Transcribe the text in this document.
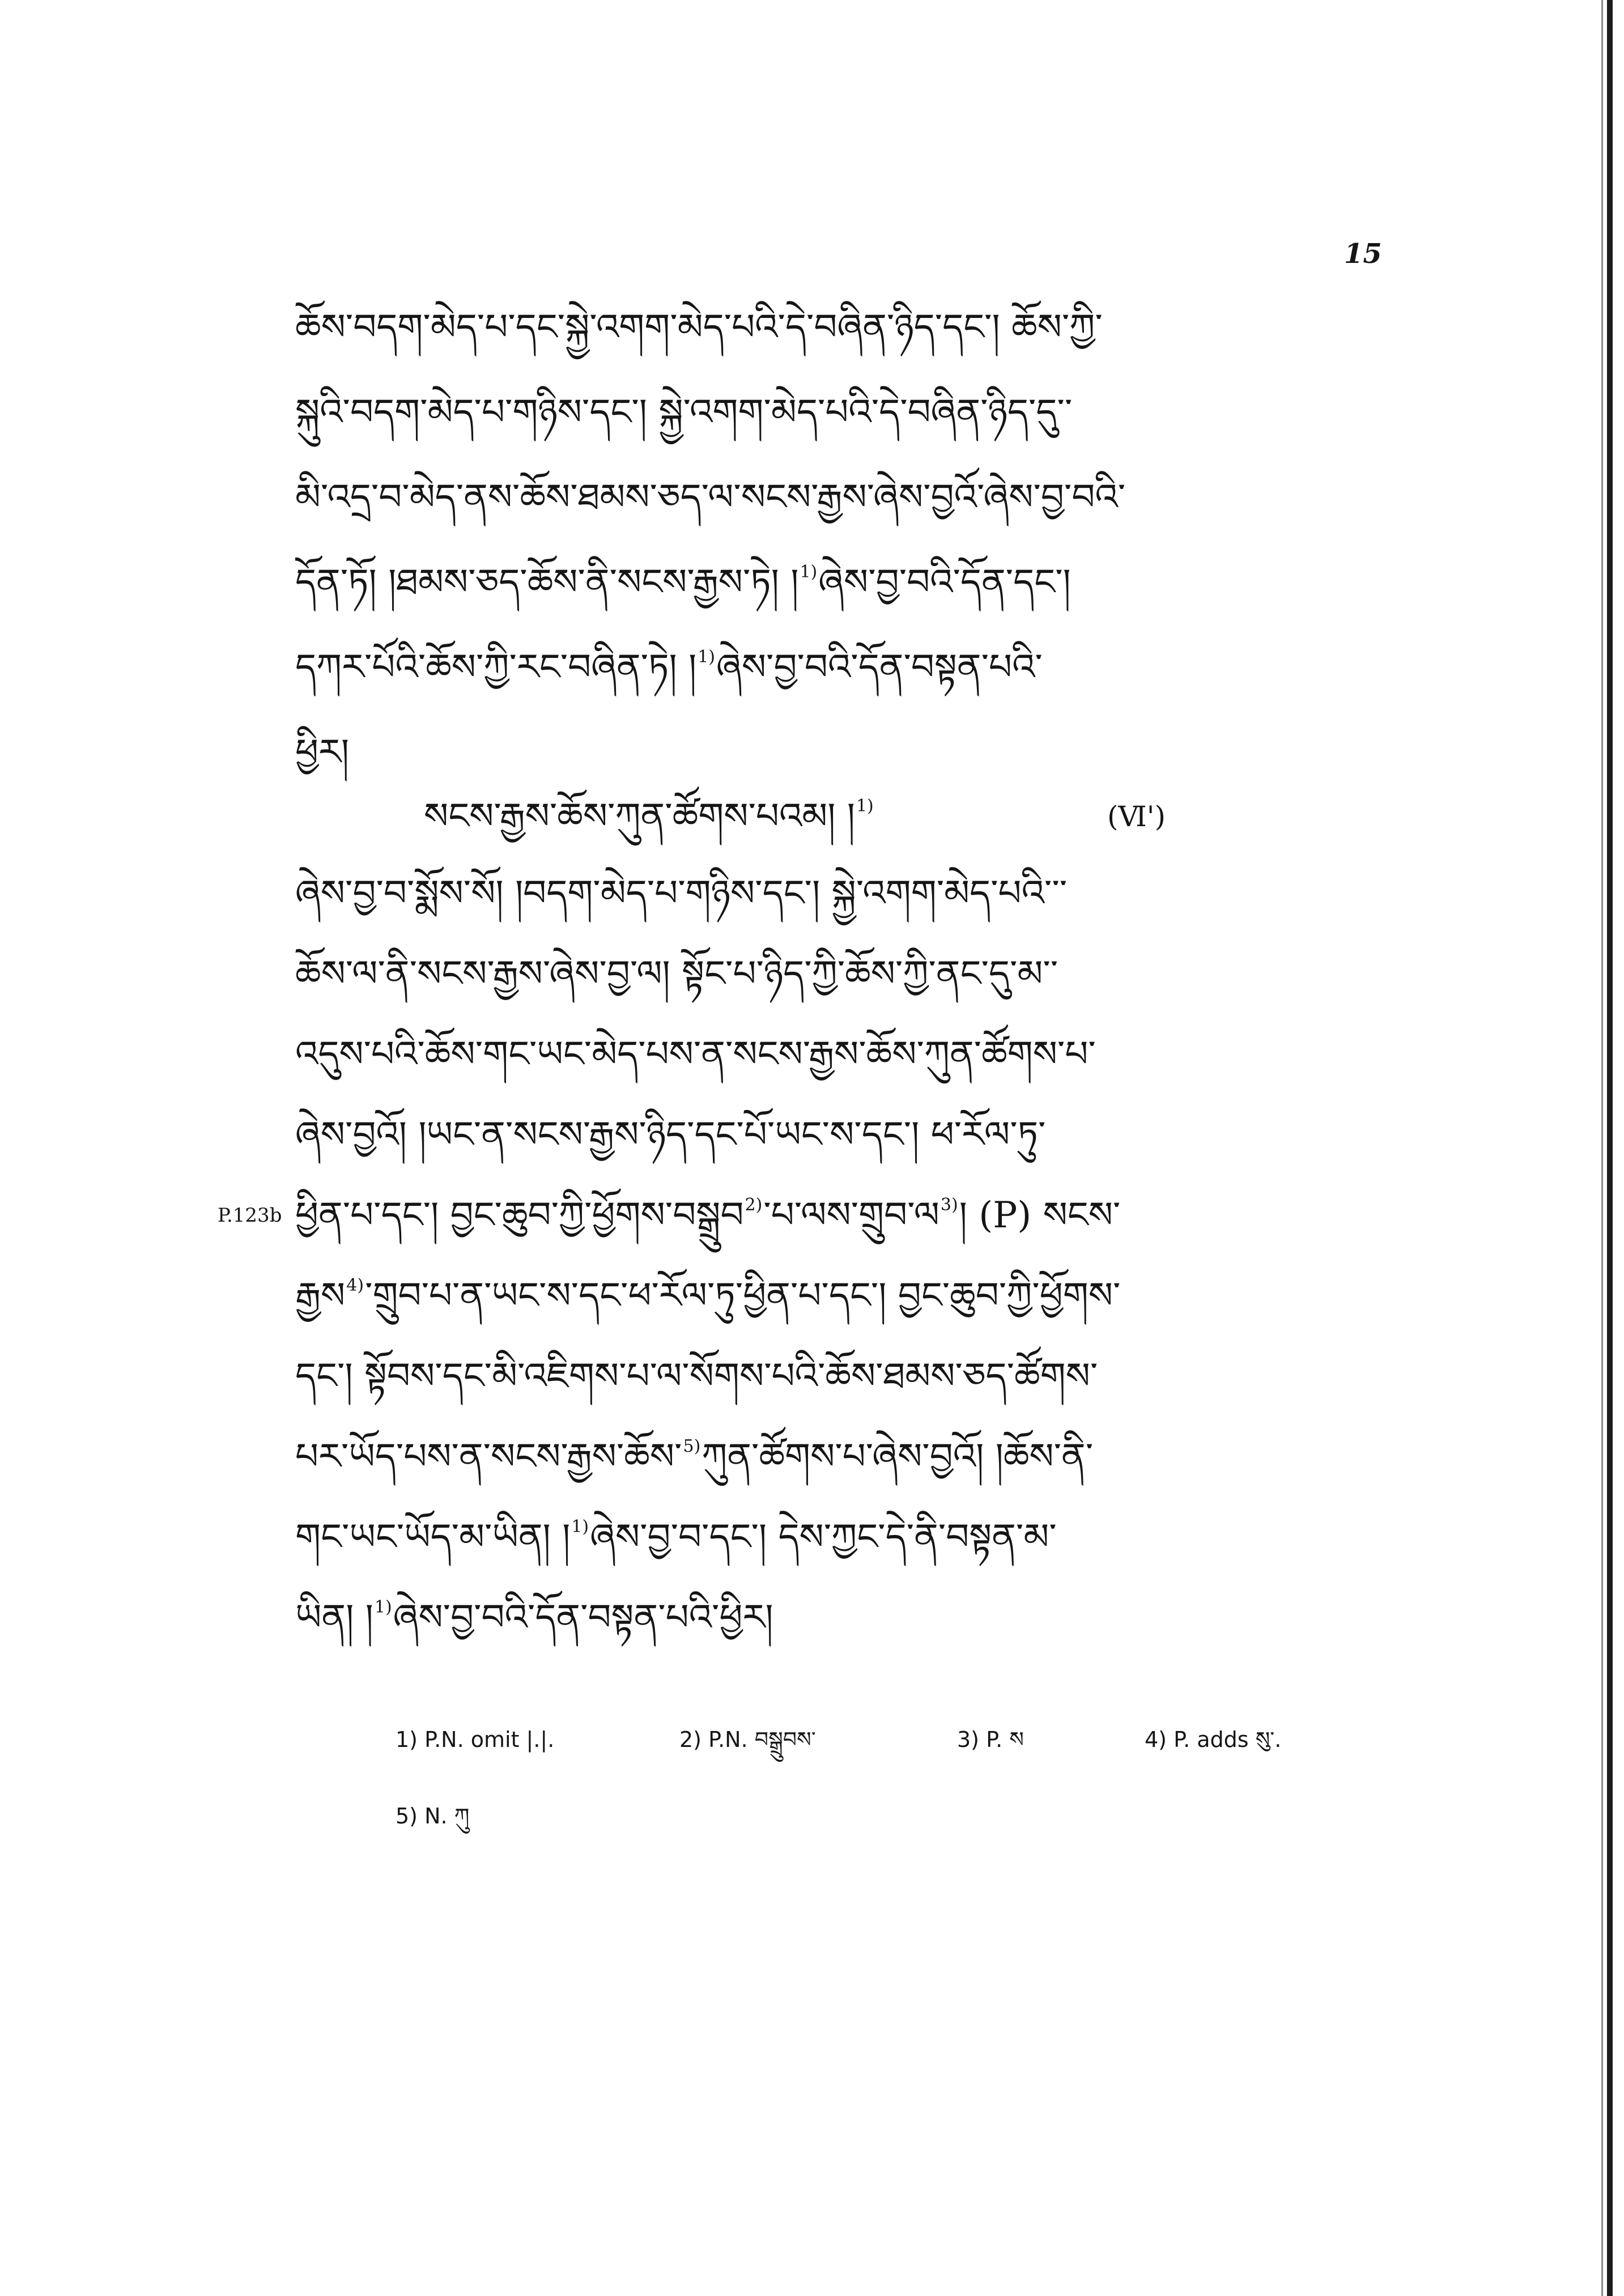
15
ཆོས་བདག་མེད་པ་དང་སྐྱེ་འགག་མེད་པའི་དེ་བཞིན་ཉིད་དང་། ཆོས་ཀྱི་
སྐུའི་བདག་མེད་པ་གཉིས་དང་། སྐྱེ་འགག་མེད་པའི་དེ་བཞིན་ཉིད་དུ་་
མི་འདྲ་བ་མེད་ནས་ཆོས་ཐམས་ཅད་ལ་སངས་རྒྱས་ཞེས་བྱའོ་ཞེས་བྱ་བའི་
དོན་ཏོ། །ཐམས་ཅད་ཆོས་ནི་སངས་རྒྱས་ཏེ། །$^{1)}$ཞེས་བྱ་བའི་དོན་དང་།
དཀར་པོའི་ཆོས་ཀྱི་རང་བཞིན་ཏེ། །$^{1)}$ཞེས་བྱ་བའི་དོན་བསྟན་པའི་
ཕྱིར།
སངས་རྒྱས་ཆོས་ཀུན་ཚོགས་པའམ། །$^{1)}$	(Ⅵ')
ཞེས་བྱ་བ་སྨོས་སོ། །བདག་མེད་པ་གཉིས་དང་། སྐྱེ་འགག་མེད་པའི་་་
ཆོས་ལ་ནི་སངས་རྒྱས་ཞེས་བྱ་ལ། སྟོང་པ་ཉིད་ཀྱི་ཆོས་ཀྱི་ནང་དུ་མ་་
འདུས་པའི་ཆོས་གང་ཡང་མེད་པས་ན་སངས་རྒྱས་ཆོས་ཀུན་ཚོགས་པ་
ཞེས་བྱའོ། །ཡང་ན་སངས་རྒྱས་ཉིད་དང་པོ་ཡང་ས་དང་། ཕ་རོལ་ཏུ་
ཕྱིན་པ་དང་། བྱང་ཆུབ་ཀྱི་ཕྱོགས་བསྒྲུབ$^{2)}$་པ་ལས་གྲུབ་ལ$^{3)}$། (P) སངས་
རྒྱས$^{4)}$་གྲུབ་པ་ན་ཡང་ས་དང་ཕ་རོལ་ཏུ་ཕྱིན་པ་དང་། བྱང་ཆུབ་ཀྱི་ཕྱོགས་
དང་། སྟོབས་དང་མི་འཇིགས་པ་ལ་སོགས་པའི་ཆོས་ཐམས་ཅད་ཚོགས་
པར་ཡོད་པས་ན་སངས་རྒྱས་ཆོས་$^{5)}$ཀུན་ཚོགས་པ་ཞེས་བྱའོ། །ཆོས་ནི་
གང་ཡང་ཡོད་མ་ཡིན། །$^{1)}$ཞེས་བྱ་བ་དང་། དེས་ཀྱང་དེ་ནི་བསྟན་མ་
ཡིན། །$^{1)}$ཞེས་བྱ་བའི་དོན་བསྟན་པའི་ཕྱིར།
P.123b
1) P.N. omit |.|.	2) P.N. བསྒྲུབས་	3) P. ས	4) P. adds སུ་.
5) N. ཀུ
